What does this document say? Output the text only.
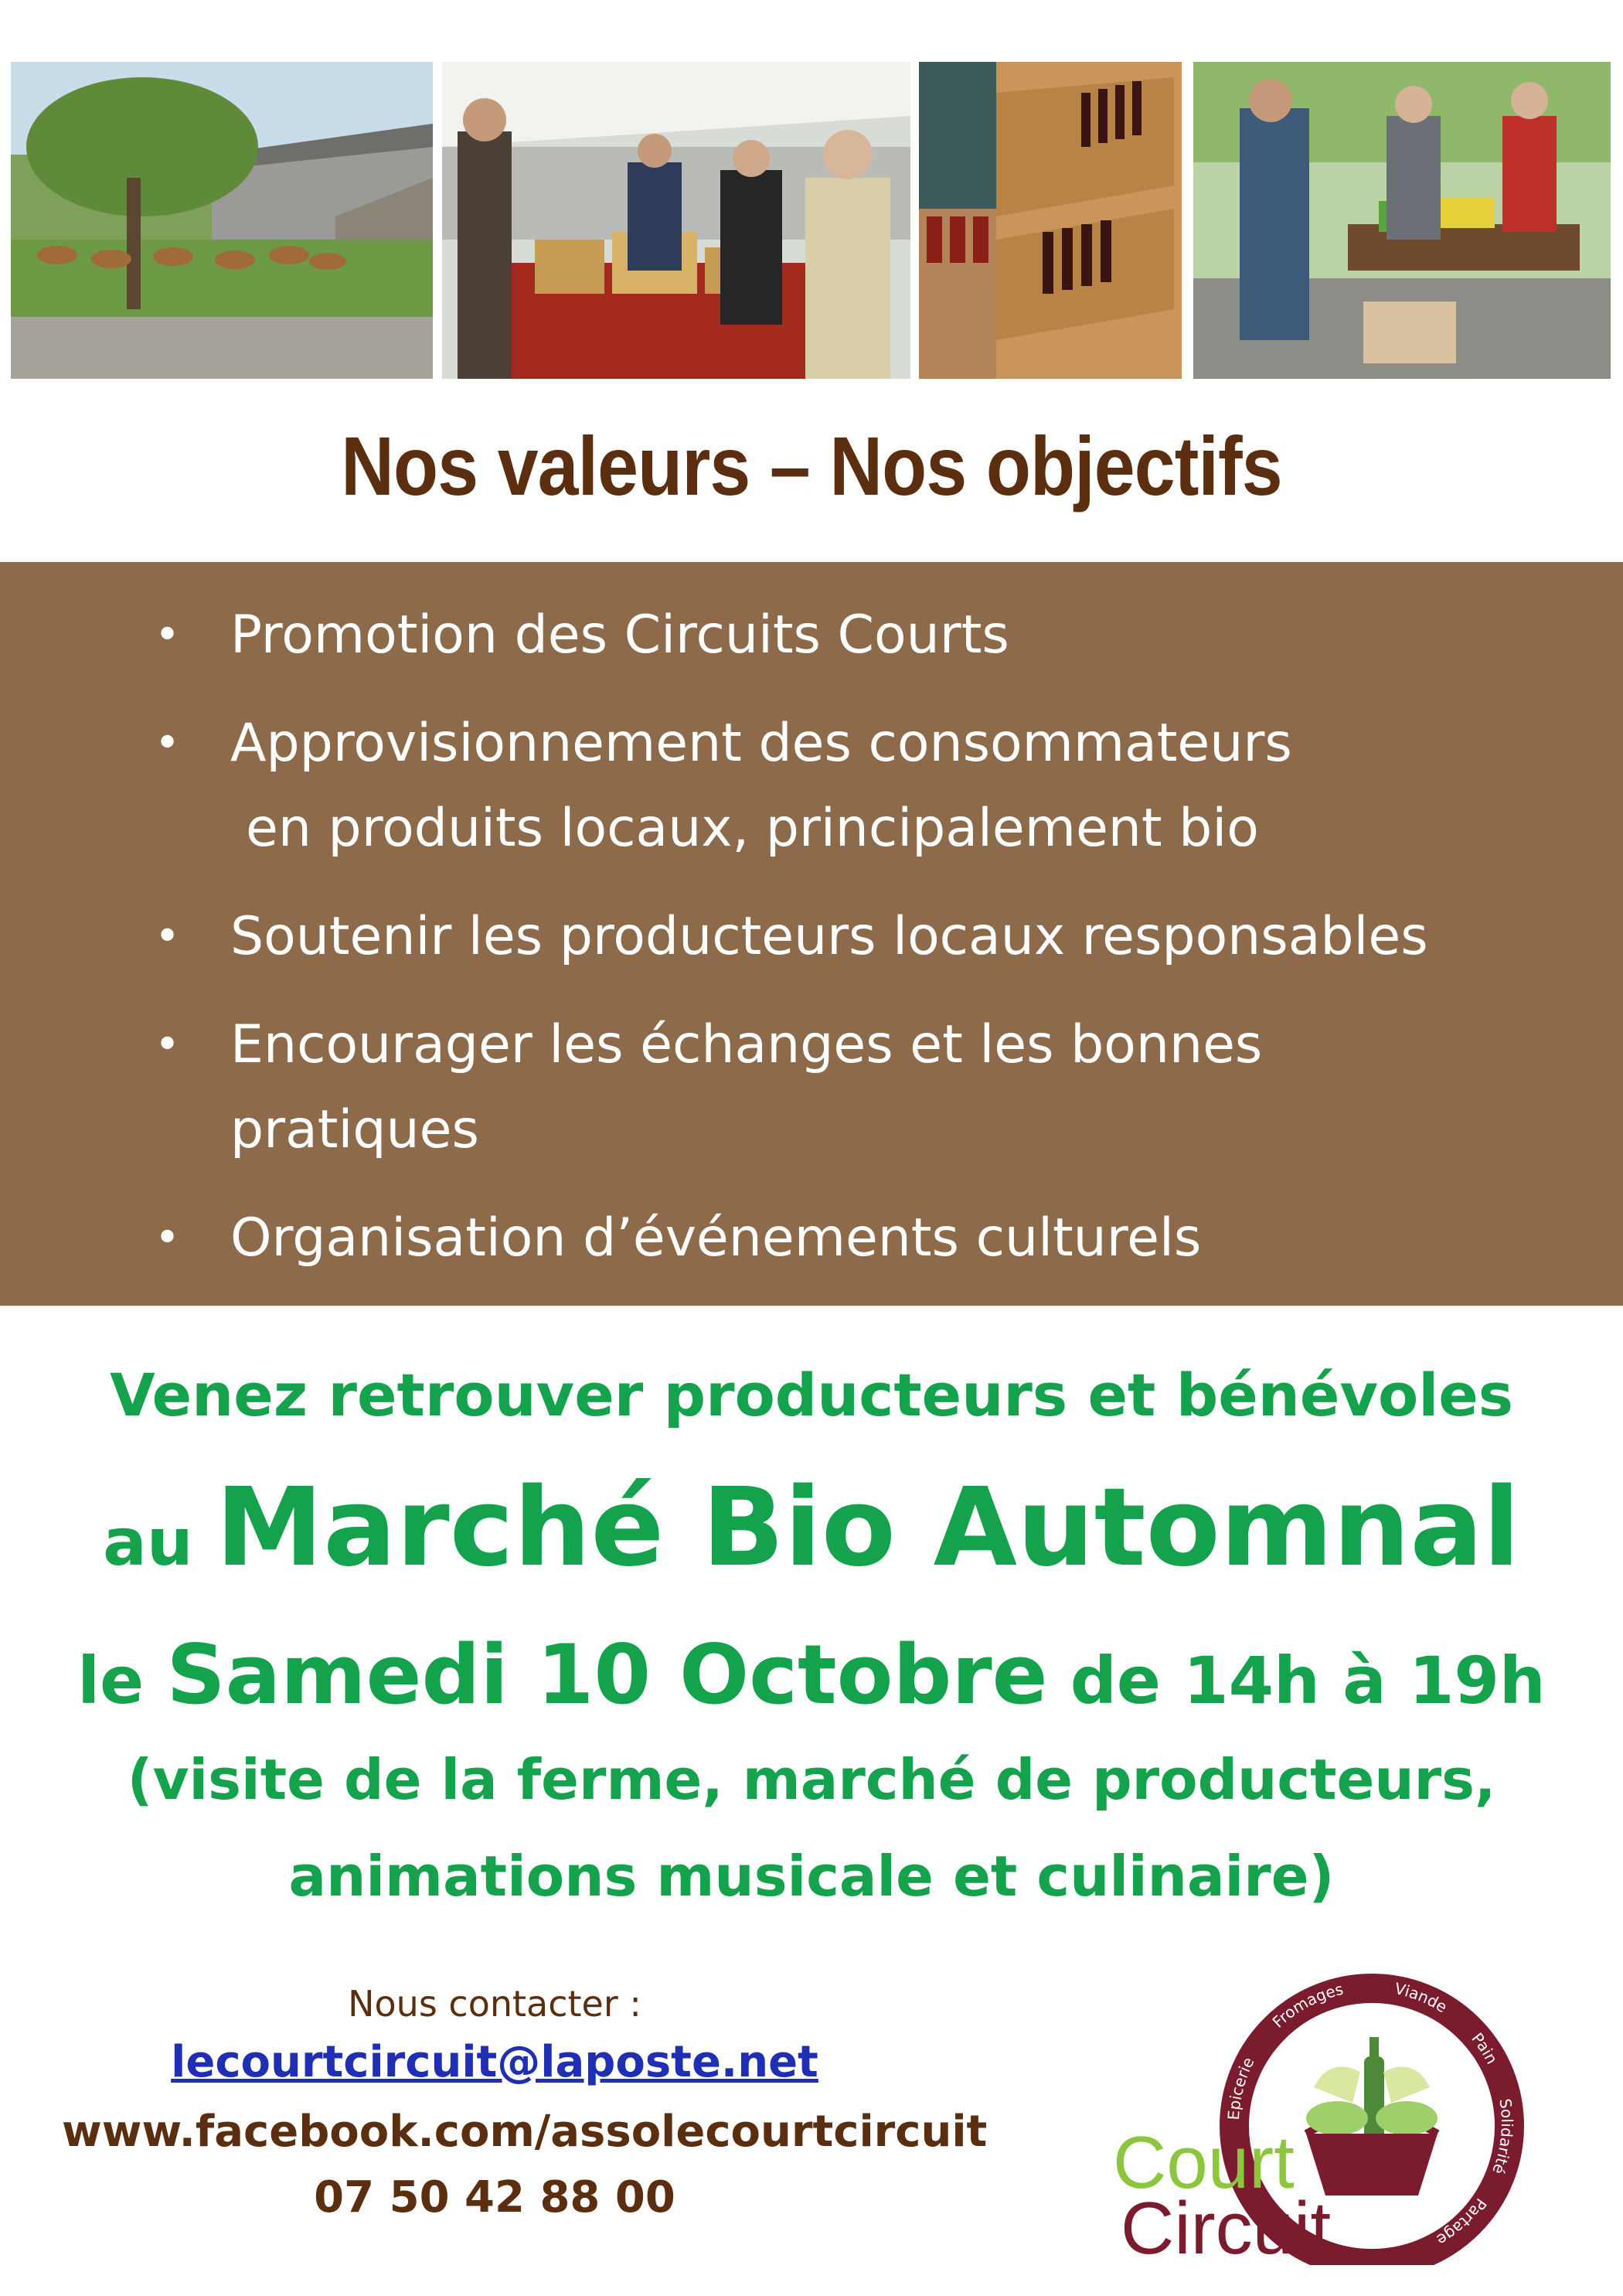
Nos valeurs – Nos objectifs
• Promotion des Circuits Courts
• Approvisionnement des consommateurs
en produits locaux, principalement bio
• Soutenir les producteurs locaux responsables
• Encourager les échanges et les bonnes
pratiques
• Organisation d’événements culturels
Venez retrouver producteurs et bénévoles
au Marché Bio Automnal
le Samedi 10 Octobre de 14h à 19h
(visite de la ferme, marché de producteurs,
animations musicale et culinaire)
Nous contacter :
lecourtcircuit@laposte.net
www.facebook.com/assolecourtcircuit
07 50 42 88 00
Epicerie
Fromages	Viande
Pain
Solidarité
Partage
Court
Circuit
